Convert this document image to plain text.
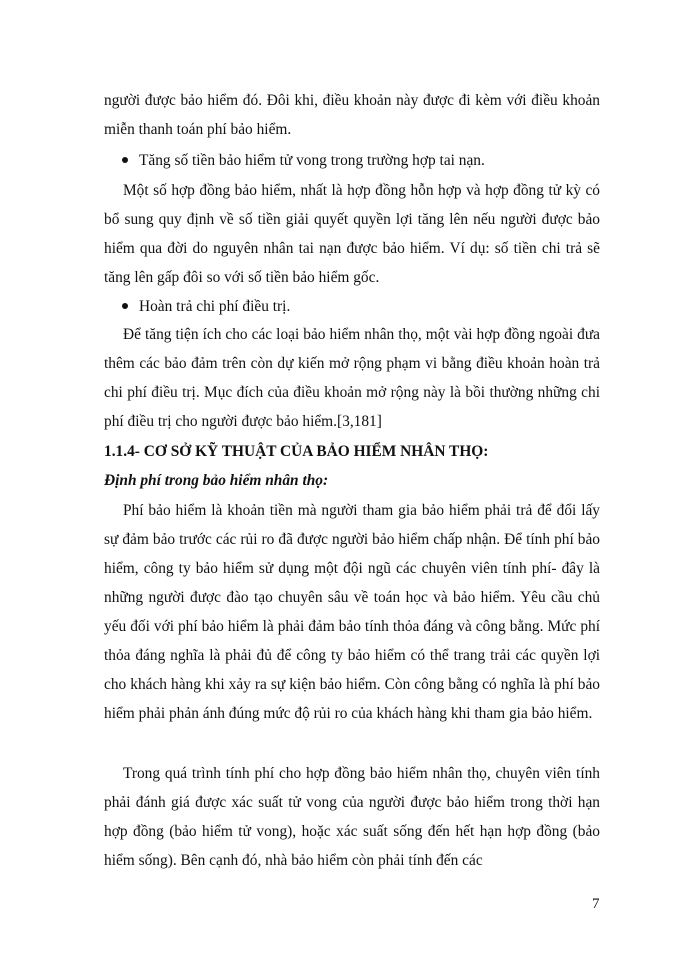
người được bảo hiểm đó. Đôi khi, điều khoản này được đi kèm với điều khoản miễn thanh toán phí bảo hiểm.

Tăng số tiền bảo hiểm tử vong trong trường hợp tai nạn.

Một số hợp đồng bảo hiểm, nhất là hợp đồng hỗn hợp và hợp đồng tử kỳ có bổ sung quy định về số tiền giải quyết quyền lợi tăng lên nếu người được bảo hiểm qua đời do nguyên nhân tai nạn được bảo hiểm. Ví dụ: số tiền chi trả sẽ tăng lên gấp đôi so với số tiền bảo hiểm gốc.

Hoàn trả chi phí điều trị.

Để tăng tiện ích cho các loại bảo hiểm nhân thọ, một vài hợp đồng ngoài đưa thêm các bảo đảm trên còn dự kiến mở rộng phạm vi bằng điều khoản hoàn trả chi phí điều trị. Mục đích của điều khoản mở rộng này là bồi thường những chi phí điều trị cho người được bảo hiểm.[3,181]

1.1.4- CƠ SỞ KỸ THUẬT CỦA BẢO HIỂM NHÂN THỌ:

Định phí trong bảo hiểm nhân thọ:

Phí bảo hiểm là khoản tiền mà người tham gia bảo hiểm phải trả để đổi lấy sự đảm bảo trước các rủi ro đã được người bảo hiểm chấp nhận. Để tính phí bảo hiểm, công ty bảo hiểm sử dụng một đội ngũ các chuyên viên tính phí- đây là những người được đào tạo chuyên sâu về toán học và bảo hiểm. Yêu cầu chủ yếu đối với phí bảo hiểm là phải đảm bảo tính thỏa đáng và công bằng. Mức phí thỏa đáng nghĩa là phải đủ để công ty bảo hiểm có thể trang trải các quyền lợi cho khách hàng khi xảy ra sự kiện bảo hiểm. Còn công bằng có nghĩa là phí bảo hiểm phải phản ánh đúng mức độ rủi ro của khách hàng khi tham gia bảo hiểm.

Trong quá trình tính phí cho hợp đồng bảo hiểm nhân thọ, chuyên viên tính phải đánh giá được xác suất tử vong của người được bảo hiểm trong thời hạn hợp đồng (bảo hiểm tử vong), hoặc xác suất sống đến hết hạn hợp đồng (bảo hiểm sống). Bên cạnh đó, nhà bảo hiểm còn phải tính đến các

7
